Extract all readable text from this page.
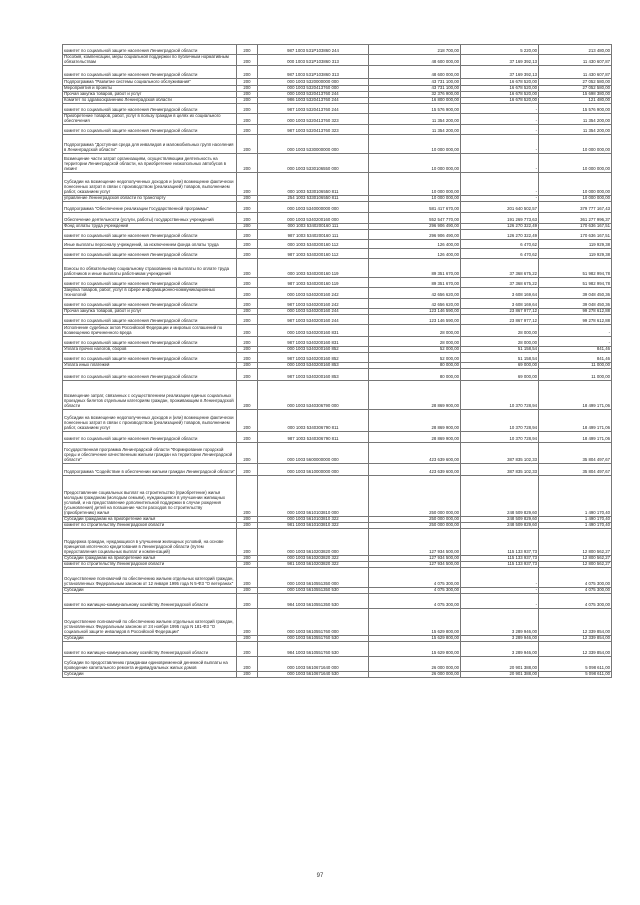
комитет по социальной защите населения Ленинградской области	200	987 1003 531P103860 244	218 700,00	5 220,00	213 480,00
Пособия, компенсации, меры социальной поддержки по публичным нормативным обязательствам	200	000 1003 531P103860 313	48 600 000,00	37 169 392,13	11 430 607,87
комитет по социальной защите населения Ленинградской области	200	987 1003 531P103860 313	48 600 000,00	37 169 392,13	11 430 607,87
Подпрограмма "Развитие системы социального обслуживания"	200	000 1003 5320000000 000	43 731 100,00	16 678 520,00	27 052 580,00
Мероприятия и проекты	200	000 1003 5320413760 000	43 731 100,00	16 678 520,00	27 052 580,00
Прочая закупка товаров, работ и услуг	200	000 1003 5320413760 244	32 376 900,00	16 678 520,00	15 698 380,00
Комитет по здравоохранению Ленинградской области	200	986 1003 5320413760 244	16 800 000,00	16 678 520,00	121 480,00
комитет по социальной защите населения Ленинградской области	200	987 1003 5320413760 244	15 576 900,00	-	15 576 900,00
Приобретение товаров, работ, услуг в пользу граждан в целях их социального обеспечения	200	000 1003 5320413760 323	11 354 200,00	-	11 354 200,00
комитет по социальной защите населения Ленинградской области	200	987 1003 5320413760 323	11 354 200,00	-	11 354 200,00
Подпрограмма "Доступная среда для инвалидов и маломобильных групп населения в Ленинградской области"	200	000 1003 5330000000 000	10 000 000,00	-	10 000 000,00
Возмещение части затрат организациям, осуществляющим деятельность на территории Ленинградской области, на приобретение низкопольных автобусов в лизинг	200	000 1003 5330106550 000	10 000 000,00	-	10 000 000,00
Субсидии на возмещение недополученных доходов и (или) возмещение фактически понесенных затрат в связи с производством (реализацией) товаров, выполнением работ, оказанием услуг	200	000 1003 5330106550 811	10 000 000,00	-	10 000 000,00
управление Ленинградской области по транспорту	200	254 1003 5330106550 811	10 000 000,00	-	10 000 000,00
Подпрограмма "Обеспечение реализации Государственной программы"	200	000 1003 5340000000 000	581 417 670,00	201 640 502,57	379 777 167,43
Обеспечение деятельности (услуги, работы) государственных учреждений	200	000 1003 5340200160 000	552 547 770,00	191 269 773,63	361 277 996,37
Фонд оплаты труда учреждений	200	000 1003 5340200160 111	296 906 490,00	126 270 322,49	170 636 167,51
комитет по социальной защите населения Ленинградской области	200	987 1003 5340200160 111	296 906 490,00	126 270 322,49	170 636 167,51
Иные выплаты персоналу учреждений, за исключением фонда оплаты труда	200	000 1003 5340200160 112	126 400,00	6 470,62	119 929,38
комитет по социальной защите населения Ленинградской области	200	987 1003 5340200160 112	126 400,00	6 470,62	119 929,38
Взносы по обязательному социальному страхованию на выплаты по оплате труда работников и иные выплаты работникам учреждений	200	000 1003 5340200160 119	89 351 670,00	37 368 675,22	51 982 994,78
комитет по социальной защите населения Ленинградской области	200	987 1003 5340200160 119	89 351 670,00	37 368 675,22	51 982 994,78
Закупка товаров, работ, услуг в сфере информационно-коммуникационных технологий	200	000 1003 5340200160 242	42 656 620,00	3 608 169,64	39 048 450,36
комитет по социальной защите населения Ленинградской области	200	987 1003 5340200160 242	42 656 620,00	3 608 169,64	39 048 450,36
Прочая закупка товаров, работ и услуг	200	000 1003 5340200160 244	123 146 590,00	23 867 977,12	99 278 612,88
комитет по социальной защите населения Ленинградской области	200	987 1003 5340200160 244	123 146 590,00	23 867 977,12	99 278 612,88
Исполнение судебных актов Российской Федерации и мировых соглашений по возмещению причиненного вреда	200	000 1003 5340200160 831	28 000,00	28 000,00	-
комитет по социальной защите населения Ленинградской области	200	987 1003 5340200160 831	28 000,00	28 000,00	-
Уплата прочих налогов, сборов	200	000 1003 5340200160 852	52 000,00	51 158,54	841,46
комитет по социальной защите населения Ленинградской области	200	987 1003 5340200160 852	52 000,00	51 158,54	841,46
Уплата иных платежей	200	000 1003 5340200160 853	80 000,00	69 000,00	11 000,00
комитет по социальной защите населения Ленинградской области	200	987 1003 5340200160 853	80 000,00	69 000,00	11 000,00
Возмещение затрат, связанных с осуществлением реализации единых социальных проездных билетов отдельным категориям граждан, проживающим в Ленинградской области	200	000 1003 5340306790 000	28 869 900,00	10 370 728,94	18 499 171,06
Субсидии на возмещение недополученных доходов и (или) возмещение фактически понесенных затрат в связи с производством (реализацией) товаров, выполнением работ, оказанием услуг	200	000 1003 5340306790 811	28 869 900,00	10 370 728,94	18 499 171,06
комитет по социальной защите населения Ленинградской области	200	987 1003 5340306790 811	28 869 900,00	10 370 728,94	18 499 171,06
Государственная программа Ленинградской области "Формирование городской среды и обеспечение качественным жильем граждан на территории Ленинградской области"	200	000 1003 5600000000 000	423 639 600,00	387 835 102,33	35 804 497,67
Подпрограмма "Содействие в обеспечении жильем граждан Ленинградской области"	200	000 1003 5610000000 000	423 639 600,00	387 835 102,33	35 804 497,67
Предоставление социальных выплат на строительство (приобретение) жилья молодым гражданам (молодым семьям), нуждающимся в улучшении жилищных условий, и на предоставление дополнительной поддержки в случае рождения (усыновления) детей на погашение части расходов по строительству (приобретению) жилья	200	000 1003 5610103810 000	250 000 000,00	248 509 829,60	1 490 170,40
Субсидии гражданам на приобретение жилья	200	000 1003 5610103810 322	250 000 000,00	248 509 829,60	1 490 170,40
комитет по строительству Ленинградской области	200	981 1003 5610103810 322	250 000 000,00	248 509 829,60	1 490 170,40
Поддержка граждан, нуждающихся в улучшении жилищных условий, на основе принципов ипотечного кредитования в Ленинградской области (путем предоставления социальных выплат и компенсаций)	200	000 1003 5610203820 000	127 934 500,00	115 133 937,73	12 800 562,27
Субсидии гражданам на приобретение жилья	200	000 1003 5610203820 322	127 934 500,00	115 133 937,73	12 800 562,27
комитет по строительству Ленинградской области	200	981 1003 5610203820 322	127 934 500,00	115 133 937,73	12 800 562,27
Осуществление полномочий по обеспечению жильем отдельных категорий граждан, установленных Федеральным законом от 12 января 1995 года N 5-ФЗ "О ветеранах"	200	000 1003 5610551350 000	4 075 300,00	-	4 075 300,00
Субсидии	200	000 1003 5610551350 530	4 075 300,00	-	4 075 300,00
комитет по жилищно-коммунальному хозяйству Ленинградской области	200	984 1003 5610551350 530	4 075 300,00	-	4 075 300,00
Осуществление полномочий по обеспечению жильем отдельных категорий граждан, установленных Федеральным законом от 24 ноября 1995 года N 181-ФЗ "О социальной защите инвалидов в Российской Федерации"	200	000 1003 5610551760 000	15 629 800,00	3 289 946,00	12 339 854,00
Субсидии	200	000 1003 5610551760 530	15 629 800,00	3 289 946,00	12 339 854,00
комитет по жилищно-коммунальному хозяйству Ленинградской области	200	984 1003 5610551760 530	15 629 800,00	3 289 946,00	12 339 854,00
Субсидии по предоставлению гражданам единовременной денежной выплаты на проведение капитального ремонта индивидуальных жилых домов	200	000 1003 5610671640 000	26 000 000,00	20 901 388,00	5 098 611,00
Субсидии	200	000 1003 5610671640 530	26 000 000,00	20 901 388,00	5 098 611,00
97
